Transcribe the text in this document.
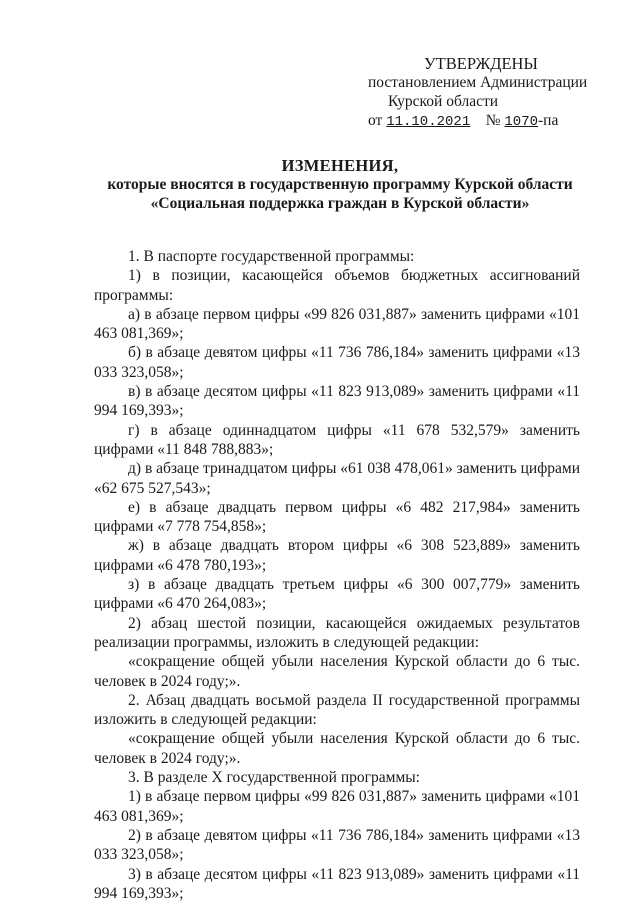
УТВЕРЖДЕНЫ
постановлением Администрации
Курской области
от 11.10.2021 № 1070-па
ИЗМЕНЕНИЯ,
которые вносятся в государственную программу Курской области
«Социальная поддержка граждан в Курской области»

1. В паспорте государственной программы:

1) в позиции, касающейся объемов бюджетных ассигнований программы:

а) в абзаце первом цифры «99 826 031,887» заменить цифрами «101 463 081,369»;

б) в абзаце девятом цифры «11 736 786,184» заменить цифрами «13 033 323,058»;

в) в абзаце десятом цифры «11 823 913,089» заменить цифрами «11 994 169,393»;

г) в абзаце одиннадцатом цифры «11 678 532,579» заменить цифрами «11 848 788,883»;

д) в абзаце тринадцатом цифры «61 038 478,061» заменить цифрами «62 675 527,543»;

е) в абзаце двадцать первом цифры «6 482 217,984» заменить цифрами «7 778 754,858»;

ж) в абзаце двадцать втором цифры «6 308 523,889» заменить цифрами «6 478 780,193»;

з) в абзаце двадцать третьем цифры «6 300 007,779» заменить цифрами «6 470 264,083»;

2) абзац шестой позиции, касающейся ожидаемых результатов реализации программы, изложить в следующей редакции:

«сокращение общей убыли населения Курской области до 6 тыс. человек в 2024 году;».

2. Абзац двадцать восьмой раздела II государственной программы изложить в следующей редакции:

«сокращение общей убыли населения Курской области до 6 тыс. человек в 2024 году;».

3. В разделе X государственной программы:

1) в абзаце первом цифры «99 826 031,887» заменить цифрами «101 463 081,369»;

2) в абзаце девятом цифры «11 736 786,184» заменить цифрами «13 033 323,058»;

3) в абзаце десятом цифры «11 823 913,089» заменить цифрами «11 994 169,393»;
